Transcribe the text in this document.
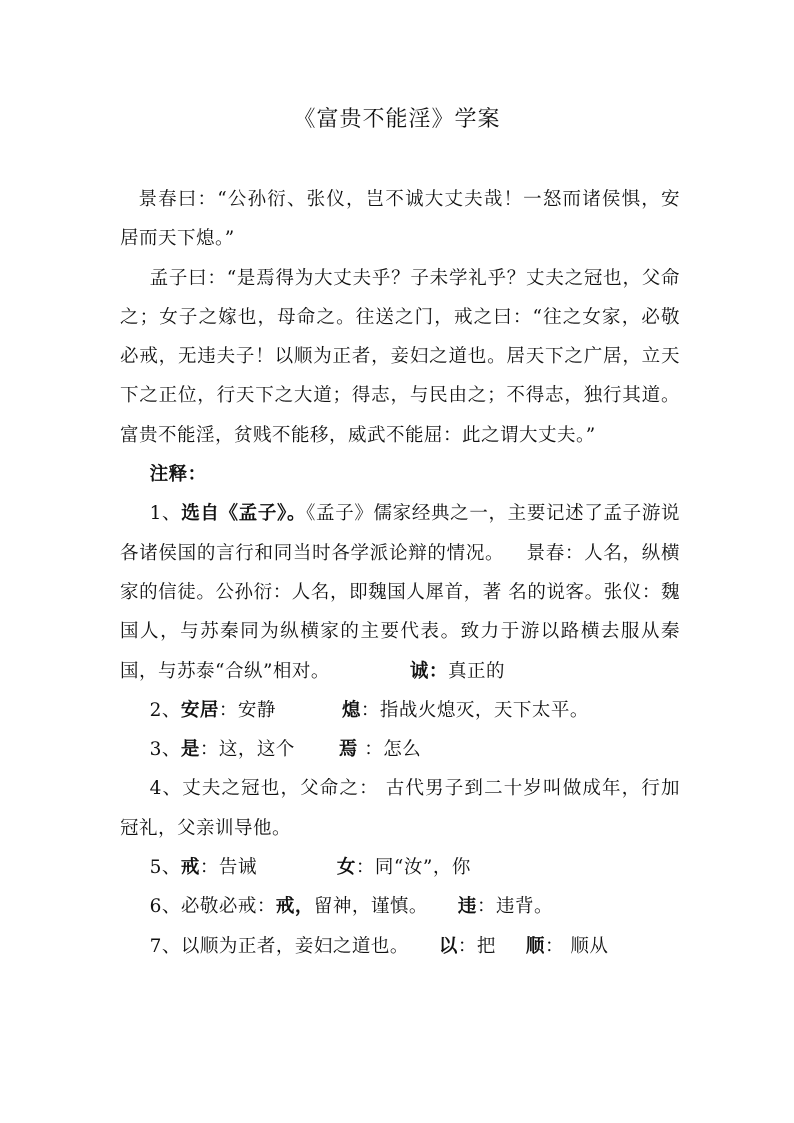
《富贵不能淫》学案

景春曰：“公孙衍、张仪，岂不诚大丈夫哉！一怒而诸侯惧，安居而天下熄。”

孟子曰：“是焉得为大丈夫乎？子未学礼乎？丈夫之冠也，父命之；女子之嫁也，母命之。往送之门，戒之曰：“往之女家，必敬必戒，无违夫子！以顺为正者，妾妇之道也。居天下之广居，立天下之正位，行天下之大道；得志，与民由之；不得志，独行其道。富贵不能淫，贫贱不能移，威武不能屈：此之谓大丈夫。”

注释：

1、选自《孟子》。《孟子》儒家经典之一，主要记述了孟子游说各诸侯国的言行和同当时各学派论辩的情况。 景春：人名，纵横家的信徒。公孙衍：人名，即魏国人犀首，著 名的说客。张仪：魏国人，与苏秦同为纵横家的主要代表。致力于游以路横去服从秦国，与苏泰“合纵”相对。	诚：真正的

2、安居：安静	熄：指战火熄灭，天下太平。

3、是：这，这个 焉 ：怎么

4、丈夫之冠也，父命之： 古代男子到二十岁叫做成年，行加冠礼，父亲训导他。

5、戒：告诫	女：同“汝”，你

6、必敬必戒：戒，留神，谨慎。 违：违背。

7、以顺为正者，妾妇之道也。 以：把 顺： 顺从
